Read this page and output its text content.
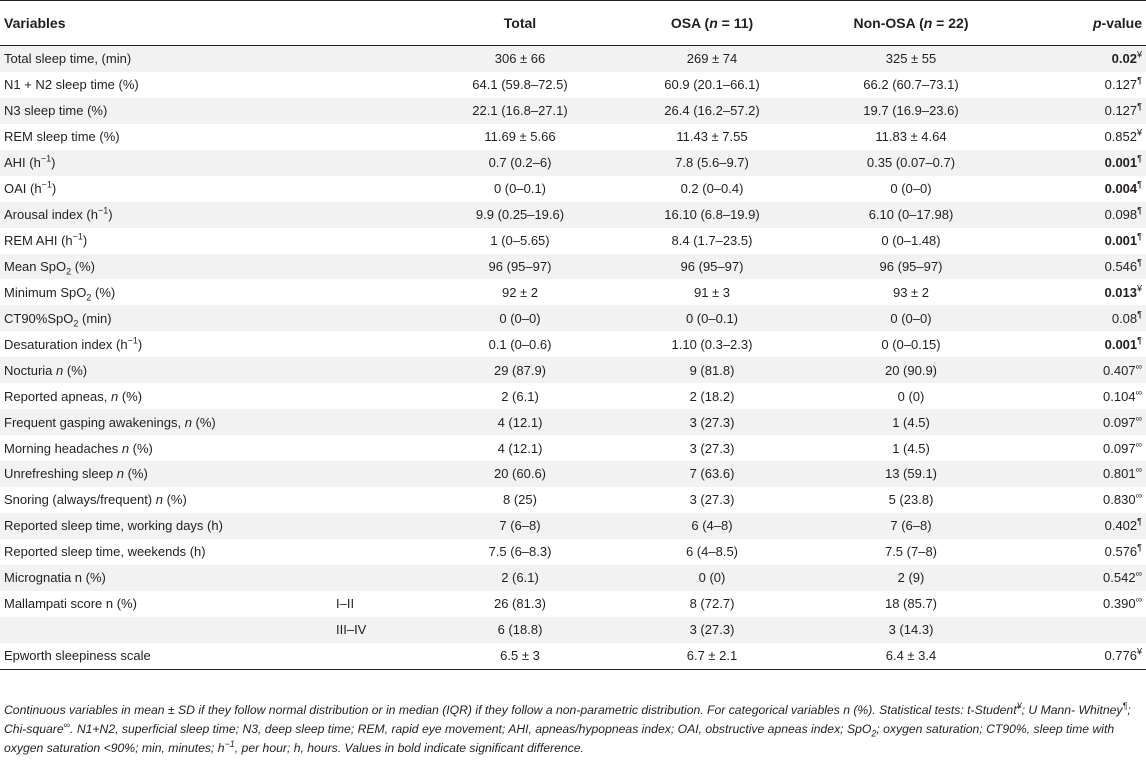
Variables		Total	OSA (n = 11)	Non-OSA (n = 22)	p-value
Total sleep time, (min)		306 ± 66	269 ± 74	325 ± 55	0.02¥
N1 + N2 sleep time (%)		64.1 (59.8–72.5)	60.9 (20.1–66.1)	66.2 (60.7–73.1)	0.127¶
N3 sleep time (%)		22.1 (16.8–27.1)	26.4 (16.2–57.2)	19.7 (16.9–23.6)	0.127¶
REM sleep time (%)		11.69 ± 5.66	11.43 ± 7.55	11.83 ± 4.64	0.852¥
AHI $(h^{-1})$		0.7 (0.2–6)	7.8 (5.6–9.7)	0.35 (0.07–0.7)	0.001¶
OAI $(h^{-1})$		0 (0–0.1)	0.2 (0–0.4)	0 (0–0)	0.004¶
Arousal index $(h^{-1})$		9.9 (0.25–19.6)	16.10 (6.8–19.9)	6.10 (0–17.98)	0.098¶
REM AHI $(h^{-1})$		1 (0–5.65)	8.4 (1.7–23.5)	0 (0–1.48)	0.001¶
Mean SpO$_2$ (%)		96 (95–97)	96 (95–97)	96 (95–97)	0.546¶
Minimum SpO$_2$ (%)		92 ± 2	91 ± 3	93 ± 2	0.013¥
CT90%SpO$_2$ (min)		0 (0–0)	0 (0–0.1)	0 (0–0)	0.08¶
Desaturation index $(h^{-1})$		0.1 (0–0.6)	1.10 (0.3–2.3)	0 (0–0.15)	0.001¶
Nocturia n (%)		29 (87.9)	9 (81.8)	20 (90.9)	0.407∞
Reported apneas, n (%)		2 (6.1)	2 (18.2)	0 (0)	0.104∞
Frequent gasping awakenings, n (%)		4 (12.1)	3 (27.3)	1 (4.5)	0.097∞
Morning headaches n (%)		4 (12.1)	3 (27.3)	1 (4.5)	0.097∞
Unrefreshing sleep n (%)		20 (60.6)	7 (63.6)	13 (59.1)	0.801∞
Snoring (always/frequent) n (%)		8 (25)	3 (27.3)	5 (23.8)	0.830∞
Reported sleep time, working days (h)		7 (6–8)	6 (4–8)	7 (6–8)	0.402¶
Reported sleep time, weekends (h)		7.5 (6–8.3)	6 (4–8.5)	7.5 (7–8)	0.576¶
Micrognatia n (%)		2 (6.1)	0 (0)	2 (9)	0.542∞
Mallampati score n (%)	I–II	26 (81.3)	8 (72.7)	18 (85.7)	0.390∞
	III–IV	6 (18.8)	3 (27.3)	3 (14.3)	
Epworth sleepiness scale		6.5 ± 3	6.7 ± 2.1	6.4 ± 3.4	0.776¥
Continuous variables in mean ± SD if they follow normal distribution or in median (IQR) if they follow a non-parametric distribution. For categorical variables n (%). Statistical tests: t-Student¥; U Mann- Whitney¶; Chi-square∞. N1+N2, superficial sleep time; N3, deep sleep time; REM, rapid eye movement; AHI, apneas/hypopneas index; OAI, obstructive apneas index; SpO$_2$; oxygen saturation; CT90%, sleep time with oxygen saturation <90%; min, minutes; $h^{-1}$, per hour; h, hours. Values in bold indicate significant difference.
